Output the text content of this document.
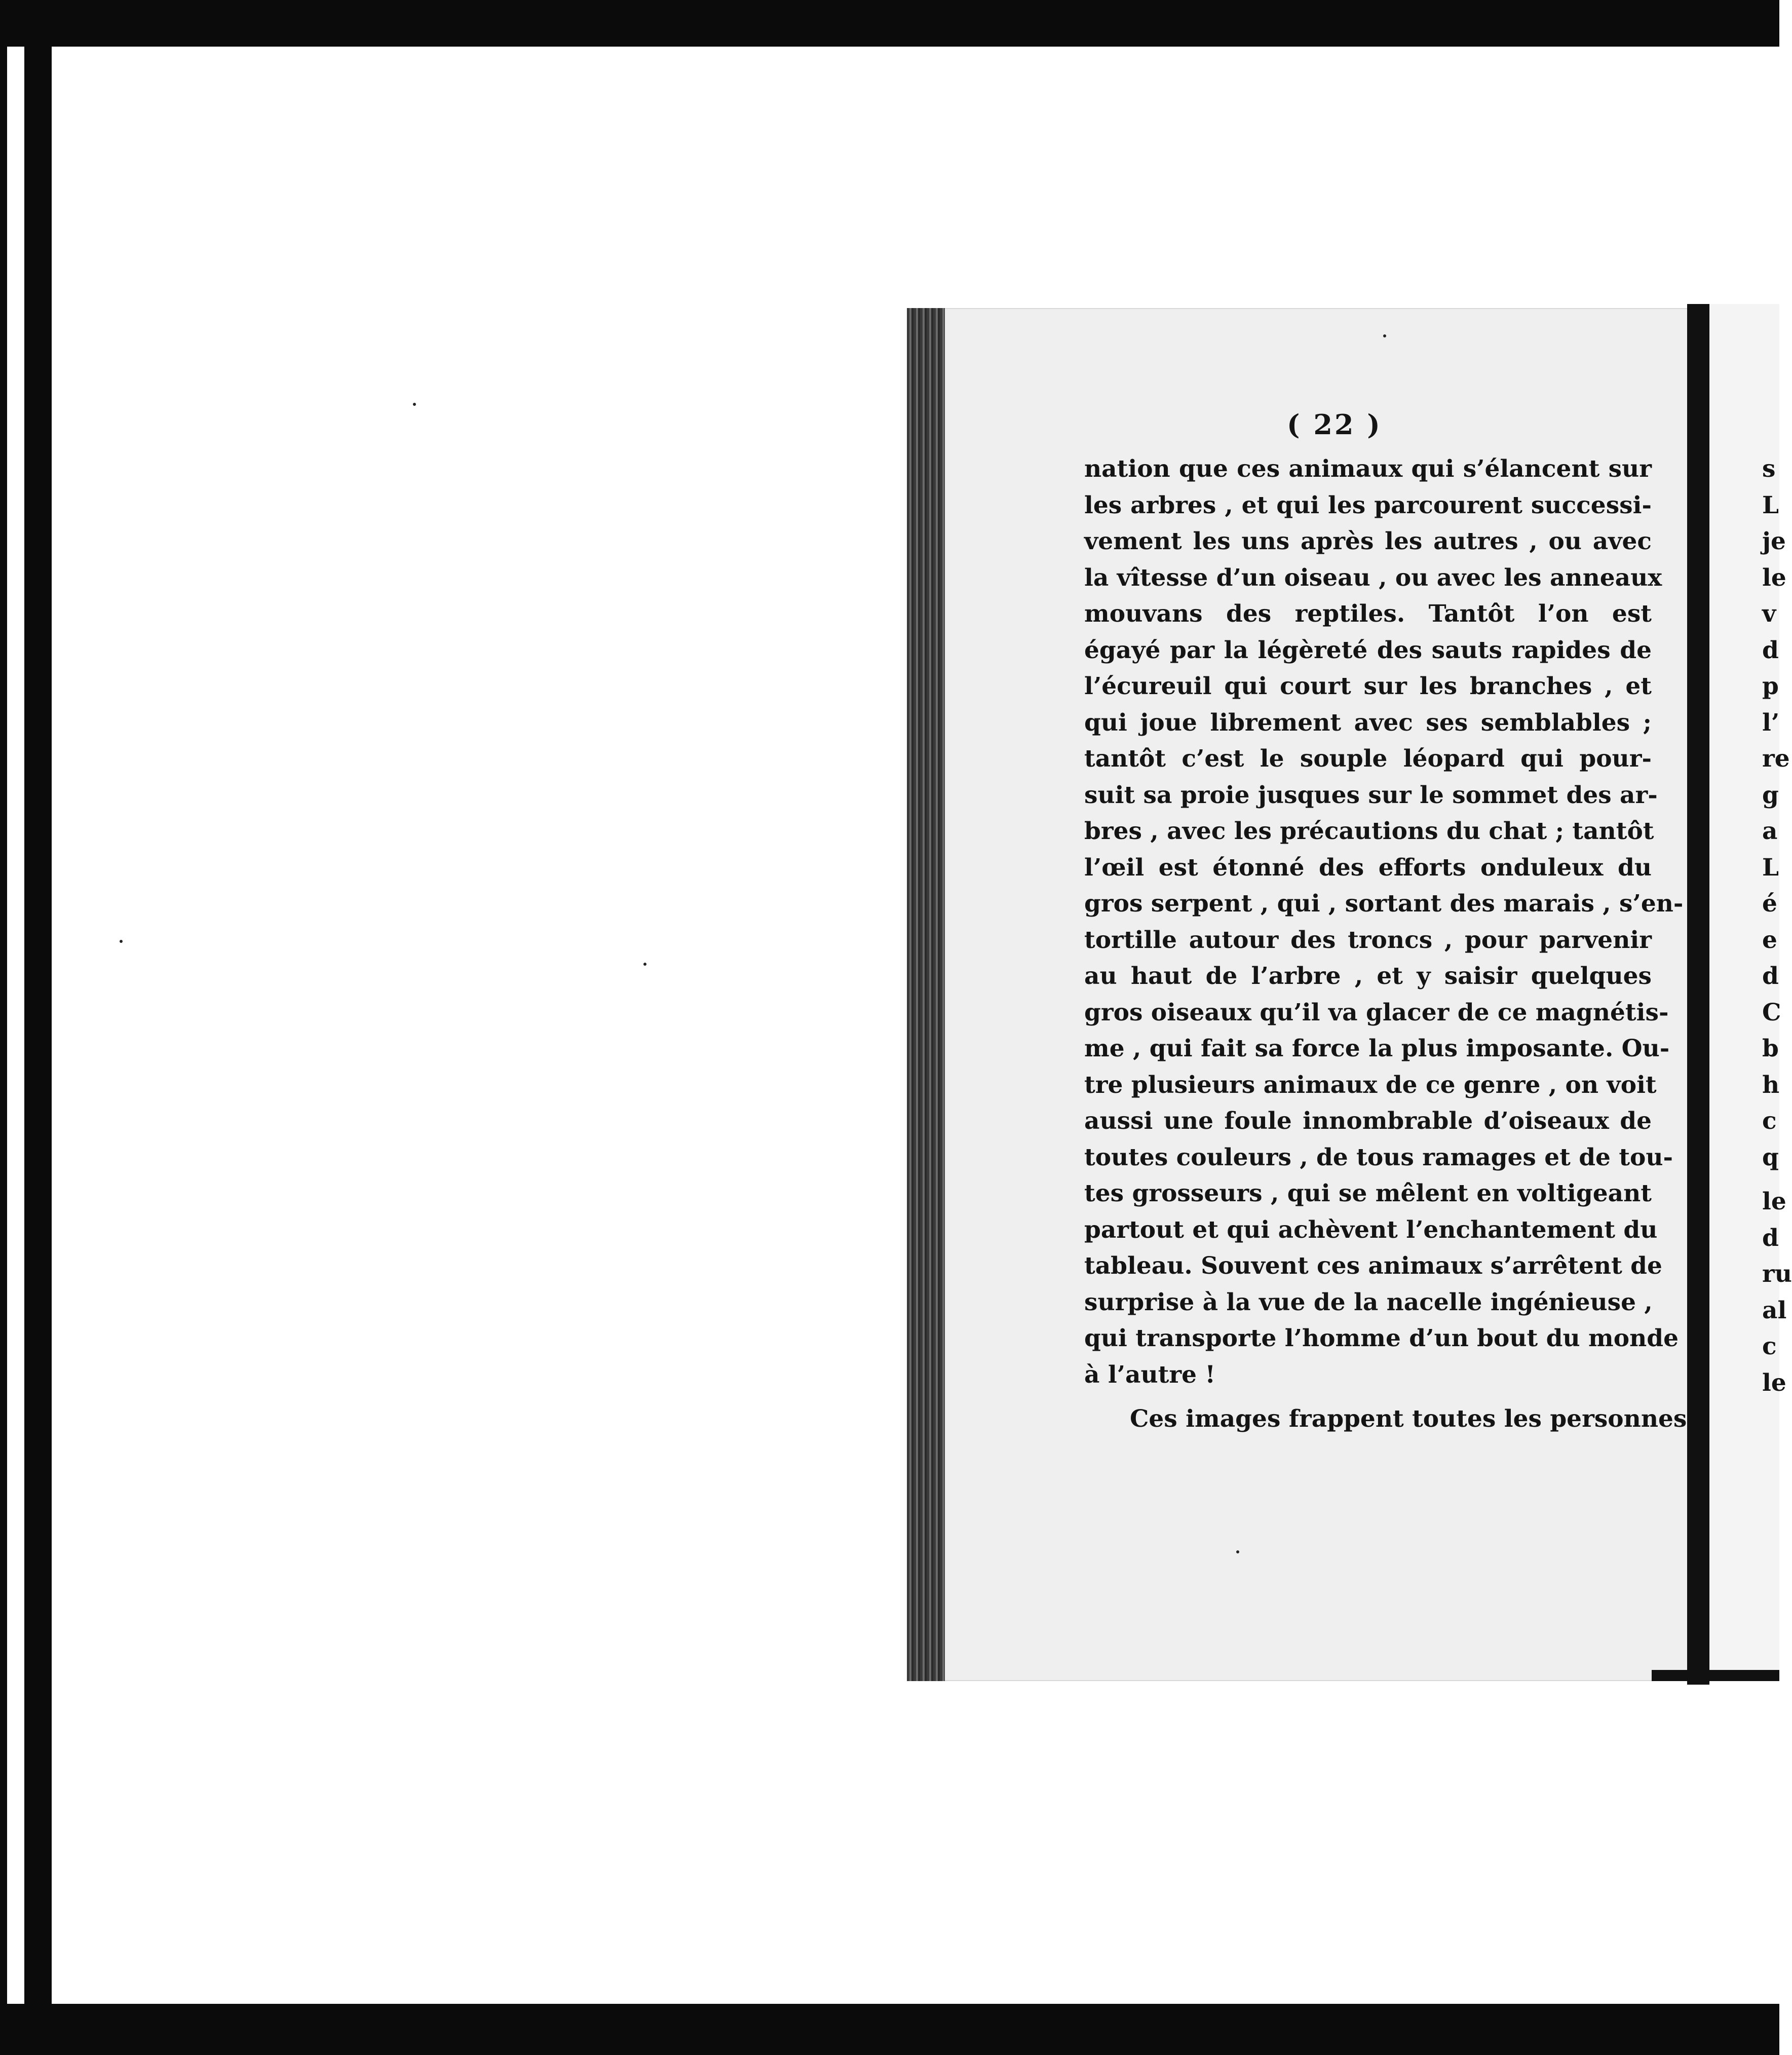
( 22 )
nation que ces animaux qui s’élancent sur
les arbres , et qui les parcourent successi-
vement les uns après les autres , ou avec
la vîtesse d’un oiseau , ou avec les anneaux
mouvans des reptiles. Tantôt l’on est
égayé par la légèreté des sauts rapides de
l’écureuil qui court sur les branches , et
qui joue librement avec ses semblables ;
tantôt c’est le souple léopard qui pour-
suit sa proie jusques sur le sommet des ar-
bres , avec les précautions du chat ; tantôt
l’œil est étonné des efforts onduleux du
gros serpent , qui , sortant des marais , s’en-
tortille autour des troncs , pour parvenir
au haut de l’arbre , et y saisir quelques
gros oiseaux qu’il va glacer de ce magnétis-
me , qui fait sa force la plus imposante. Ou-
tre plusieurs animaux de ce genre , on voit
aussi une foule innombrable d’oiseaux de
toutes couleurs , de tous ramages et de tou-
tes grosseurs , qui se mêlent en voltigeant
partout et qui achèvent l’enchantement du
tableau. Souvent ces animaux s’arrêtent de
surprise à la vue de la nacelle ingénieuse ,
qui transporte l’homme d’un bout du monde
à l’autre !
Ces images frappent toutes les personnes
s
L
je
le
v
d
p
l’
re
g
a
L
é
e
d
C
b
h
c
q
le
d
ru
al
c
le
